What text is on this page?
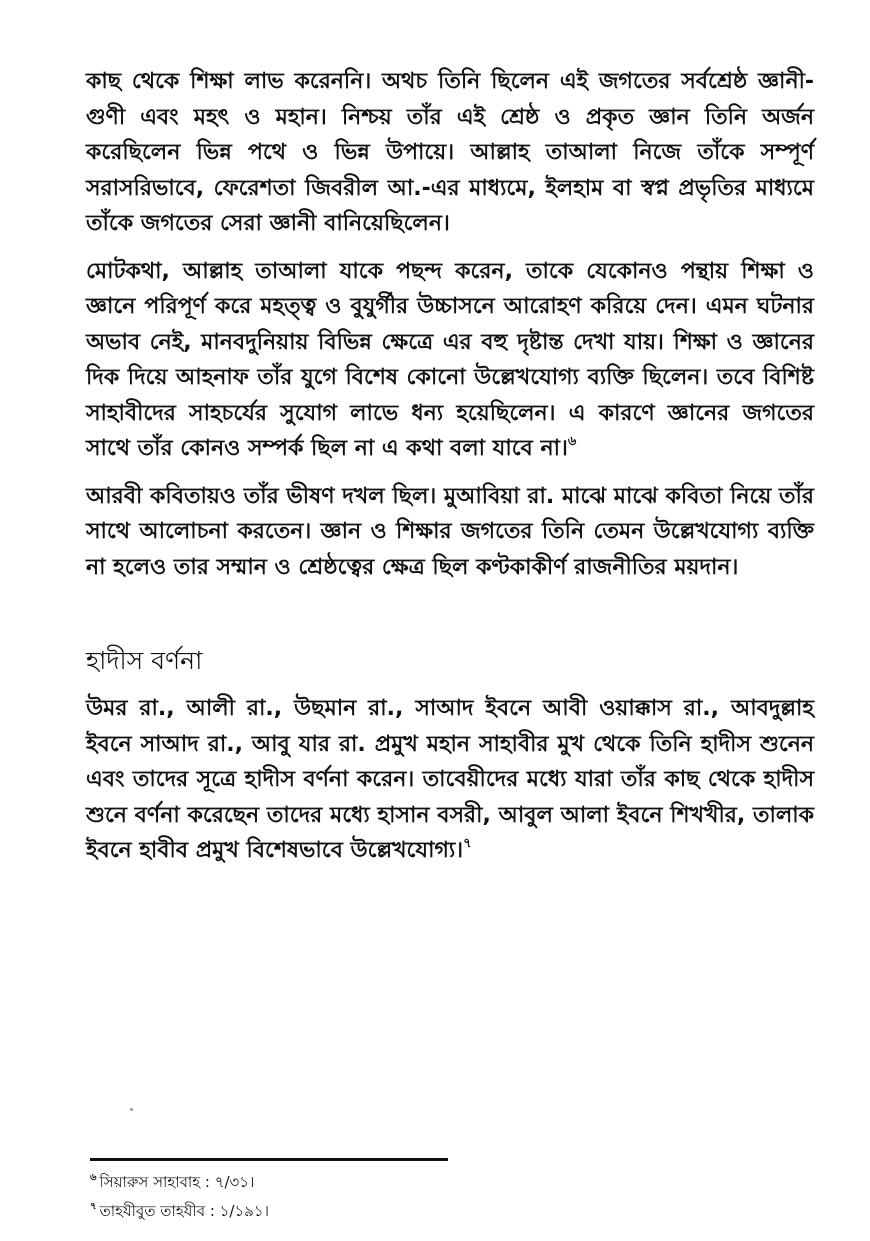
কাছ থেকে শিক্ষা লাভ করেননি। অথচ তিনি ছিলেন এই জগতের সর্বশ্রেষ্ঠ জ্ঞানী-গুণী এবং মহৎ ও মহান। নিশ্চয় তাঁর এই শ্রেষ্ঠ ও প্রকৃত জ্ঞান তিনি অর্জন করেছিলেন ভিন্ন পথে ও ভিন্ন উপায়ে। আল্লাহ তাআলা নিজে তাঁকে সম্পূর্ণ সরাসরিভাবে, ফেরেশতা জিবরীল আ.-এর মাধ্যমে, ইলহাম বা স্বপ্ন প্রভৃতির মাধ্যমে তাঁকে জগতের সেরা জ্ঞানী বানিয়েছিলেন।

মোটকথা, আল্লাহ তাআলা যাকে পছন্দ করেন, তাকে যেকোনও পন্থায় শিক্ষা ও জ্ঞানে পরিপূর্ণ করে মহত্ত্ব ও বুযুর্গীর উচ্চাসনে আরোহণ করিয়ে দেন। এমন ঘটনার অভাব নেই, মানবদুনিয়ায় বিভিন্ন ক্ষেত্রে এর বহু দৃষ্টান্ত দেখা যায়। শিক্ষা ও জ্ঞানের দিক দিয়ে আহনাফ তাঁর যুগে বিশেষ কোনো উল্লেখযোগ্য ব্যক্তি ছিলেন। তবে বিশিষ্ট সাহাবীদের সাহচর্যের সুযোগ লাভে ধন্য হয়েছিলেন। এ কারণে জ্ঞানের জগতের সাথে তাঁর কোনও সম্পর্ক ছিল না এ কথা বলা যাবে না।$^৬$

আরবী কবিতায়ও তাঁর ভীষণ দখল ছিল। মুআবিয়া রা. মাঝে মাঝে কবিতা নিয়ে তাঁর সাথে আলোচনা করতেন। জ্ঞান ও শিক্ষার জগতের তিনি তেমন উল্লেখযোগ্য ব্যক্তি না হলেও তার সম্মান ও শ্রেষ্ঠত্বের ক্ষেত্র ছিল কণ্টকাকীর্ণ রাজনীতির ময়দান।

হাদীস বর্ণনা

উমর রা., আলী রা., উছমান রা., সাআদ ইবনে আবী ওয়াক্কাস রা., আবদুল্লাহ ইবনে সাআদ রা., আবু যার রা. প্রমুখ মহান সাহাবীর মুখ থেকে তিনি হাদীস শুনেন এবং তাদের সূত্রে হাদীস বর্ণনা করেন। তাবেয়ীদের মধ্যে যারা তাঁর কাছ থেকে হাদীস শুনে বর্ণনা করেছেন তাদের মধ্যে হাসান বসরী, আবুল আলা ইবনে শিখখীর, তালাক ইবনে হাবীব প্রমুখ বিশেষভাবে উল্লেখযোগ্য।$^৭$

$^৬$ সিয়ারুস সাহাবাহ : ৭/৩১।
$^৭$ তাহযীবুত তাহযীব : ১/১৯১।
